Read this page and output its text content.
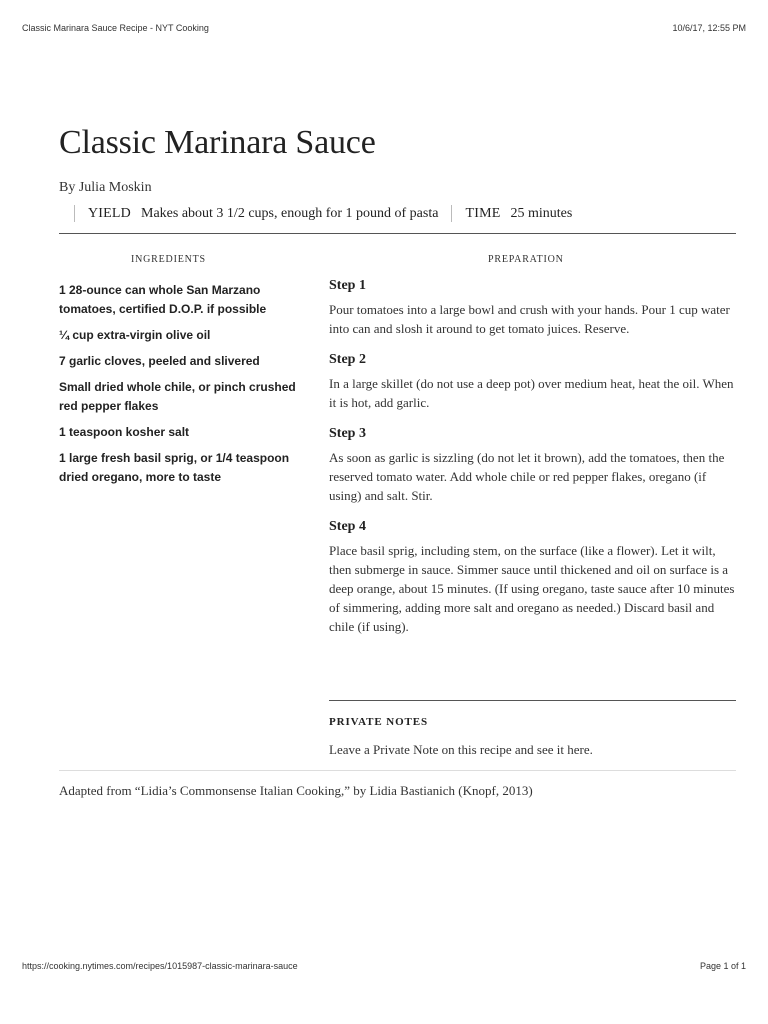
Classic Marinara Sauce Recipe - NYT Cooking	10/6/17, 12:55 PM
Classic Marinara Sauce
By Julia Moskin
YIELD Makes about 3 1/2 cups, enough for 1 pound of pasta TIME 25 minutes
INGREDIENTS	PREPARATION
1 28-ounce can whole San Marzano tomatoes, certified D.O.P. if possible
¼ cup extra-virgin olive oil
7 garlic cloves, peeled and slivered
Small dried whole chile, or pinch crushed red pepper flakes
1 teaspoon kosher salt
1 large fresh basil sprig, or 1/4 teaspoon dried oregano, more to taste
Step 1
Pour tomatoes into a large bowl and crush with your hands. Pour 1 cup water into can and slosh it around to get tomato juices. Reserve.
Step 2
In a large skillet (do not use a deep pot) over medium heat, heat the oil. When it is hot, add garlic.
Step 3
As soon as garlic is sizzling (do not let it brown), add the tomatoes, then the reserved tomato water. Add whole chile or red pepper flakes, oregano (if using) and salt. Stir.
Step 4
Place basil sprig, including stem, on the surface (like a flower). Let it wilt, then submerge in sauce. Simmer sauce until thickened and oil on surface is a deep orange, about 15 minutes. (If using oregano, taste sauce after 10 minutes of simmering, adding more salt and oregano as needed.) Discard basil and chile (if using).
PRIVATE NOTES
Leave a Private Note on this recipe and see it here.
Adapted from “Lidia’s Commonsense Italian Cooking,” by Lidia Bastianich (Knopf, 2013)
https://cooking.nytimes.com/recipes/1015987-classic-marinara-sauce	Page 1 of 1
